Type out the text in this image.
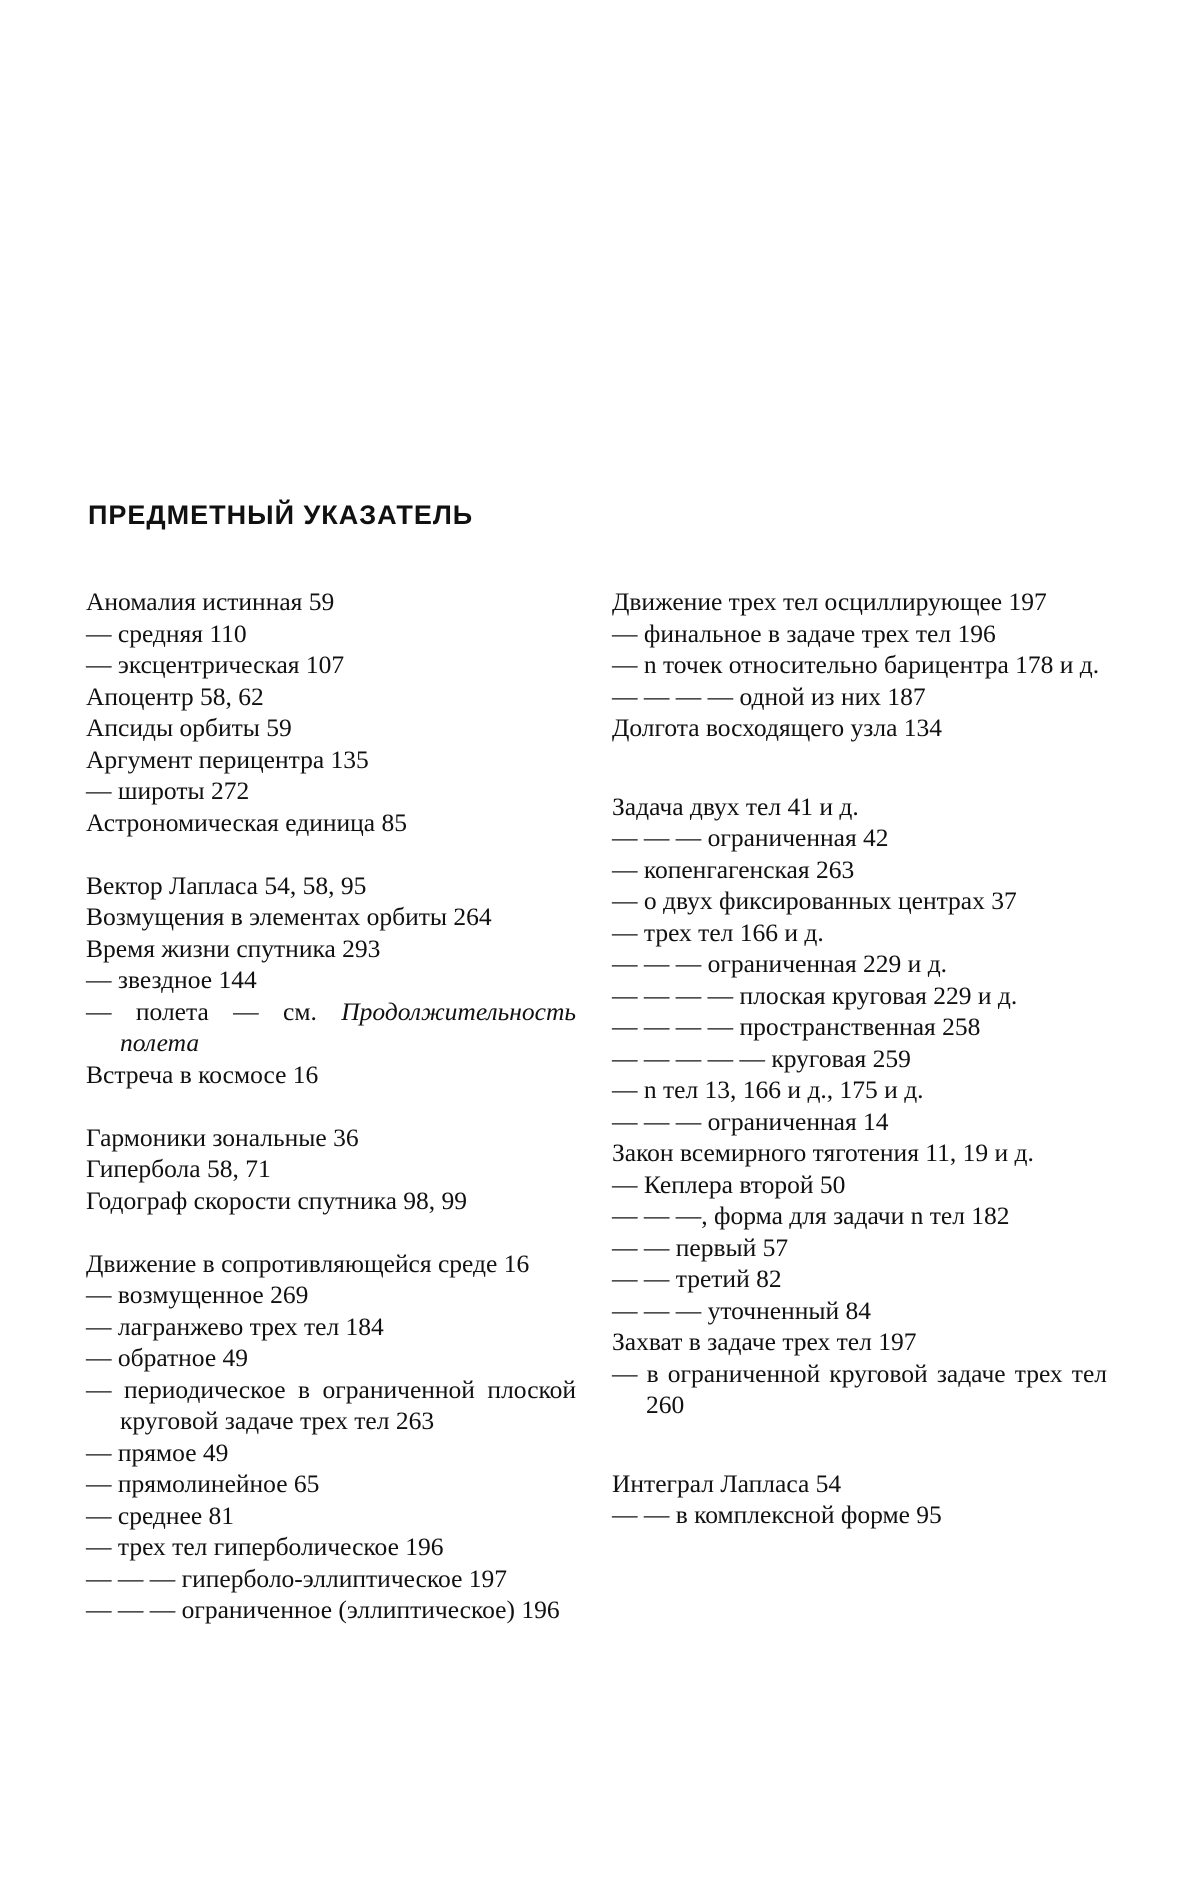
ПРЕДМЕТНЫЙ УКАЗАТЕЛЬ
Аномалия истинная 59
— средняя 110
— эксцентрическая 107
Апоцентр 58, 62
Апсиды орбиты 59
Аргумент перицентра 135
— широты 272
Астрономическая единица 85
Вектор Лапласа 54, 58, 95
Возмущения в элементах орбиты 264
Время жизни спутника 293
— звездное 144
— полета — см. Продолжительность полета
Встреча в космосе 16
Гармоники зональные 36
Гипербола 58, 71
Годограф скорости спутника 98, 99
Движение в сопротивляющейся среде 16
— возмущенное 269
— лагранжево трех тел 184
— обратное 49
— периодическое в ограниченной плоской круговой задаче трех тел 263
— прямое 49
— прямолинейное 65
— среднее 81
— трех тел гиперболическое 196
— — — гиперболо-эллиптическое 197
— — — ограниченное (эллиптическое) 196
Движение трех тел осциллирующее 197
— финальное в задаче трех тел 196
— n точек относительно барицентра 178 и д.
— — — — одной из них 187
Долгота восходящего узла 134
Задача двух тел 41 и д.
— — — ограниченная 42
— копенгагенская 263
— о двух фиксированных центрах 37
— трех тел 166 и д.
— — — ограниченная 229 и д.
— — — — плоская круговая 229 и д.
— — — — пространственная 258
— — — — — круговая 259
— n тел 13, 166 и д., 175 и д.
— — — ограниченная 14
Закон всемирного тяготения 11, 19 и д.
— Кеплера второй 50
— — —, форма для задачи n тел 182
— — первый 57
— — третий 82
— — — уточненный 84
Захват в задаче трех тел 197
— в ограниченной круговой задаче трех тел 260
Интеграл Лапласа 54
— — в комплексной форме 95
